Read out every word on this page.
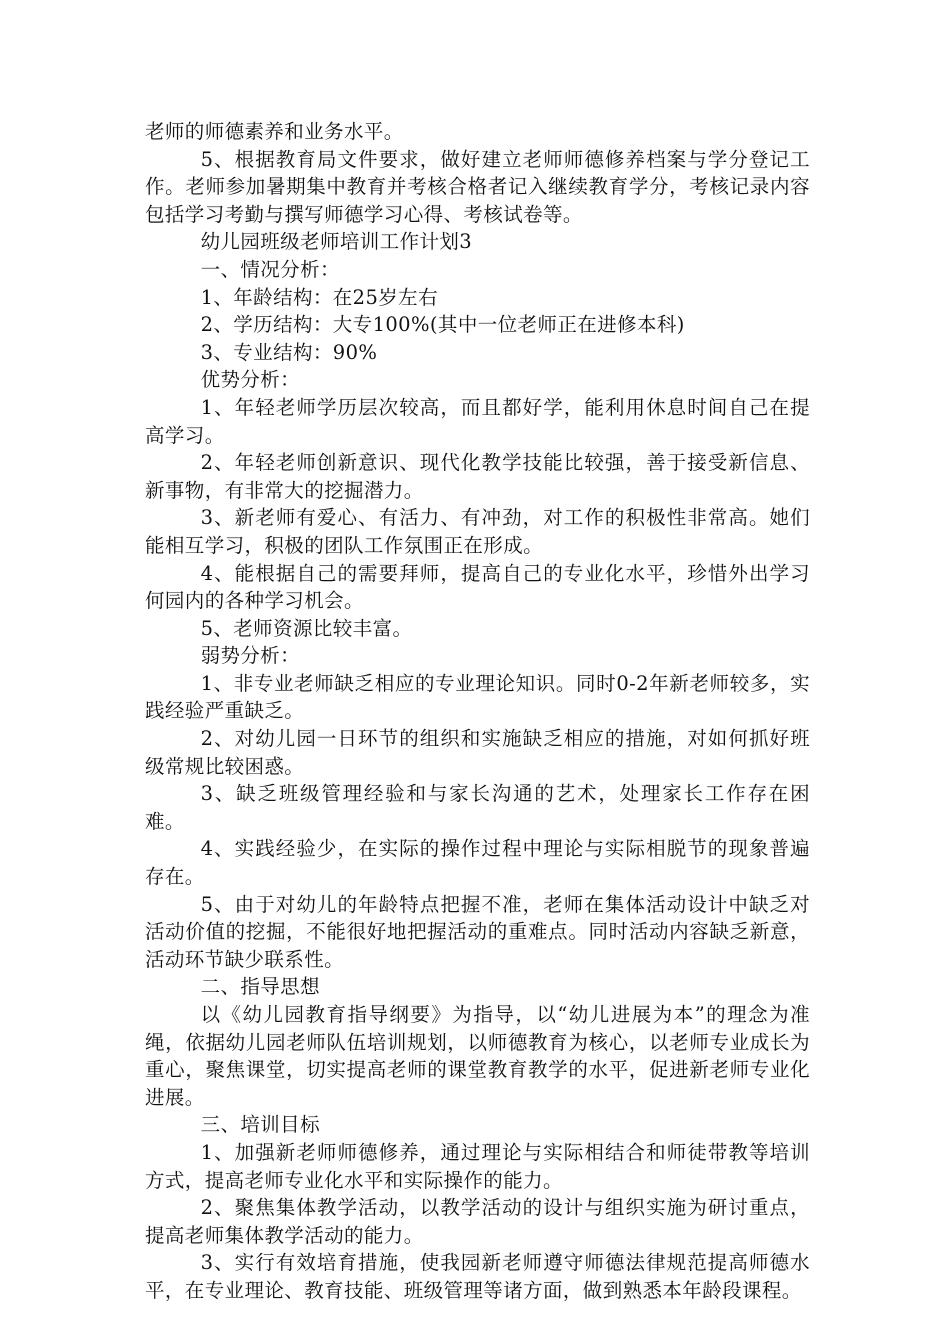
老师的师德素养和业务水平。

5、根据教育局文件要求，做好建立老师师德修养档案与学分登记工作。老师参加暑期集中教育并考核合格者记入继续教育学分，考核记录内容包括学习考勤与撰写师德学习心得、考核试卷等。

幼儿园班级老师培训工作计划3

一、情况分析：

1、年龄结构：在25岁左右

2、学历结构：大专100%(其中一位老师正在进修本科)

3、专业结构：90%

优势分析：

1、年轻老师学历层次较高，而且都好学，能利用休息时间自己在提高学习。

2、年轻老师创新意识、现代化教学技能比较强，善于接受新信息、新事物，有非常大的挖掘潜力。

3、新老师有爱心、有活力、有冲劲，对工作的积极性非常高。她们能相互学习，积极的团队工作氛围正在形成。

4、能根据自己的需要拜师，提高自己的专业化水平，珍惜外出学习何园内的各种学习机会。

5、老师资源比较丰富。

弱势分析：

1、非专业老师缺乏相应的专业理论知识。同时0-2年新老师较多，实践经验严重缺乏。

2、对幼儿园一日环节的组织和实施缺乏相应的措施，对如何抓好班级常规比较困惑。

3、缺乏班级管理经验和与家长沟通的艺术，处理家长工作存在困难。

4、实践经验少，在实际的操作过程中理论与实际相脱节的现象普遍存在。

5、由于对幼儿的年龄特点把握不准，老师在集体活动设计中缺乏对活动价值的挖掘，不能很好地把握活动的重难点。同时活动内容缺乏新意，活动环节缺少联系性。

二、指导思想

以《幼儿园教育指导纲要》为指导，以“幼儿进展为本”的理念为准绳，依据幼儿园老师队伍培训规划，以师德教育为核心，以老师专业成长为重心，聚焦课堂，切实提高老师的课堂教育教学的水平，促进新老师专业化进展。

三、培训目标

1、加强新老师师德修养，通过理论与实际相结合和师徒带教等培训方式，提高老师专业化水平和实际操作的能力。

2、聚焦集体教学活动，以教学活动的设计与组织实施为研讨重点，提高老师集体教学活动的能力。

3、实行有效培育措施，使我园新老师遵守师德法律规范提高师德水平，在专业理论、教育技能、班级管理等诸方面，做到熟悉本年龄段课程。
